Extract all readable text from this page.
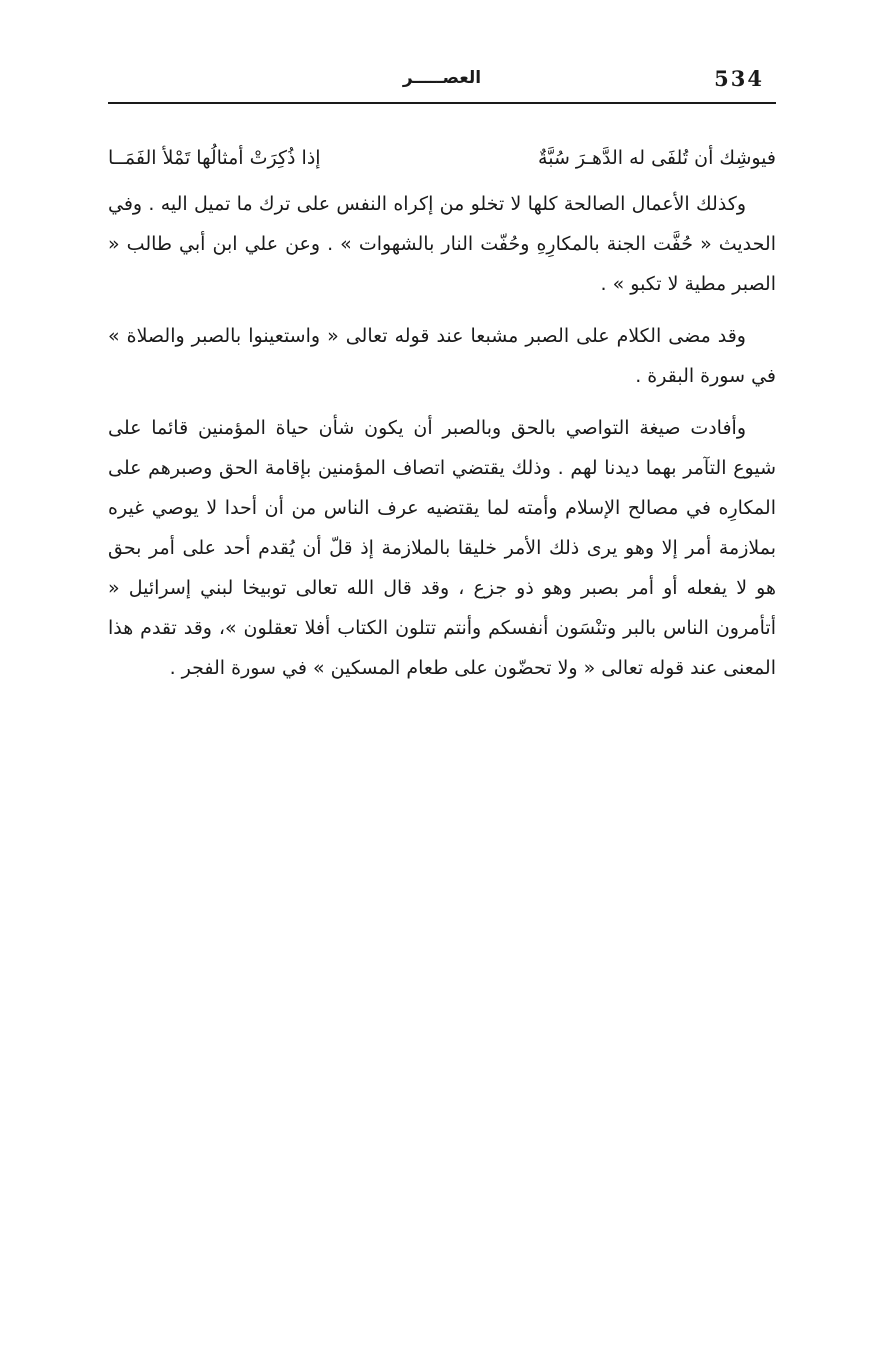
534
العصـــــر
فيوشِك أن تُلفَى له الدَّهـرَ سُبَّةٌ
إذا ذُكِرَتْ أمثالُها تَمْلأ الفَمَــا

وكذلك الأعمال الصالحة كلها لا تخلو من إكراه النفس على ترك ما تميل اليه . وفي الحديث « حُفَّت الجنة بالمكارِهِ وحُفّت النار بالشهوات » . وعن علي ابن أبي طالب « الصبر مطية لا تكبو » .

وقد مضى الكلام على الصبر مشبعا عند قوله تعالى « واستعينوا بالصبر والصلاة » في سورة البقرة .

وأفادت صيغة التواصي بالحق وبالصبر أن يكون شأن حياة المؤمنين قائما على شيوع التآمر بهما ديدنا لهم . وذلك يقتضي اتصاف المؤمنين بإقامة الحق وصبرهم على المكارِه في مصالح الإسلام وأمته لما يقتضيه عرف الناس من أن أحدا لا يوصي غيره بملازمة أمر إلا وهو يرى ذلك الأمر خليقا بالملازمة إذ قلّ أن يُقدم أحد على أمر بحق هو لا يفعله أو أمر بصبر وهو ذو جزع ، وقد قال الله تعالى توبيخا لبني إسرائيل « أتأمرون الناس بالبر وتنْسَون أنفسكم وأنتم تتلون الكتاب أفلا تعقلون »، وقد تقدم هذا المعنى عند قوله تعالى « ولا تحضّون على طعام المسكين » في سورة الفجر .
